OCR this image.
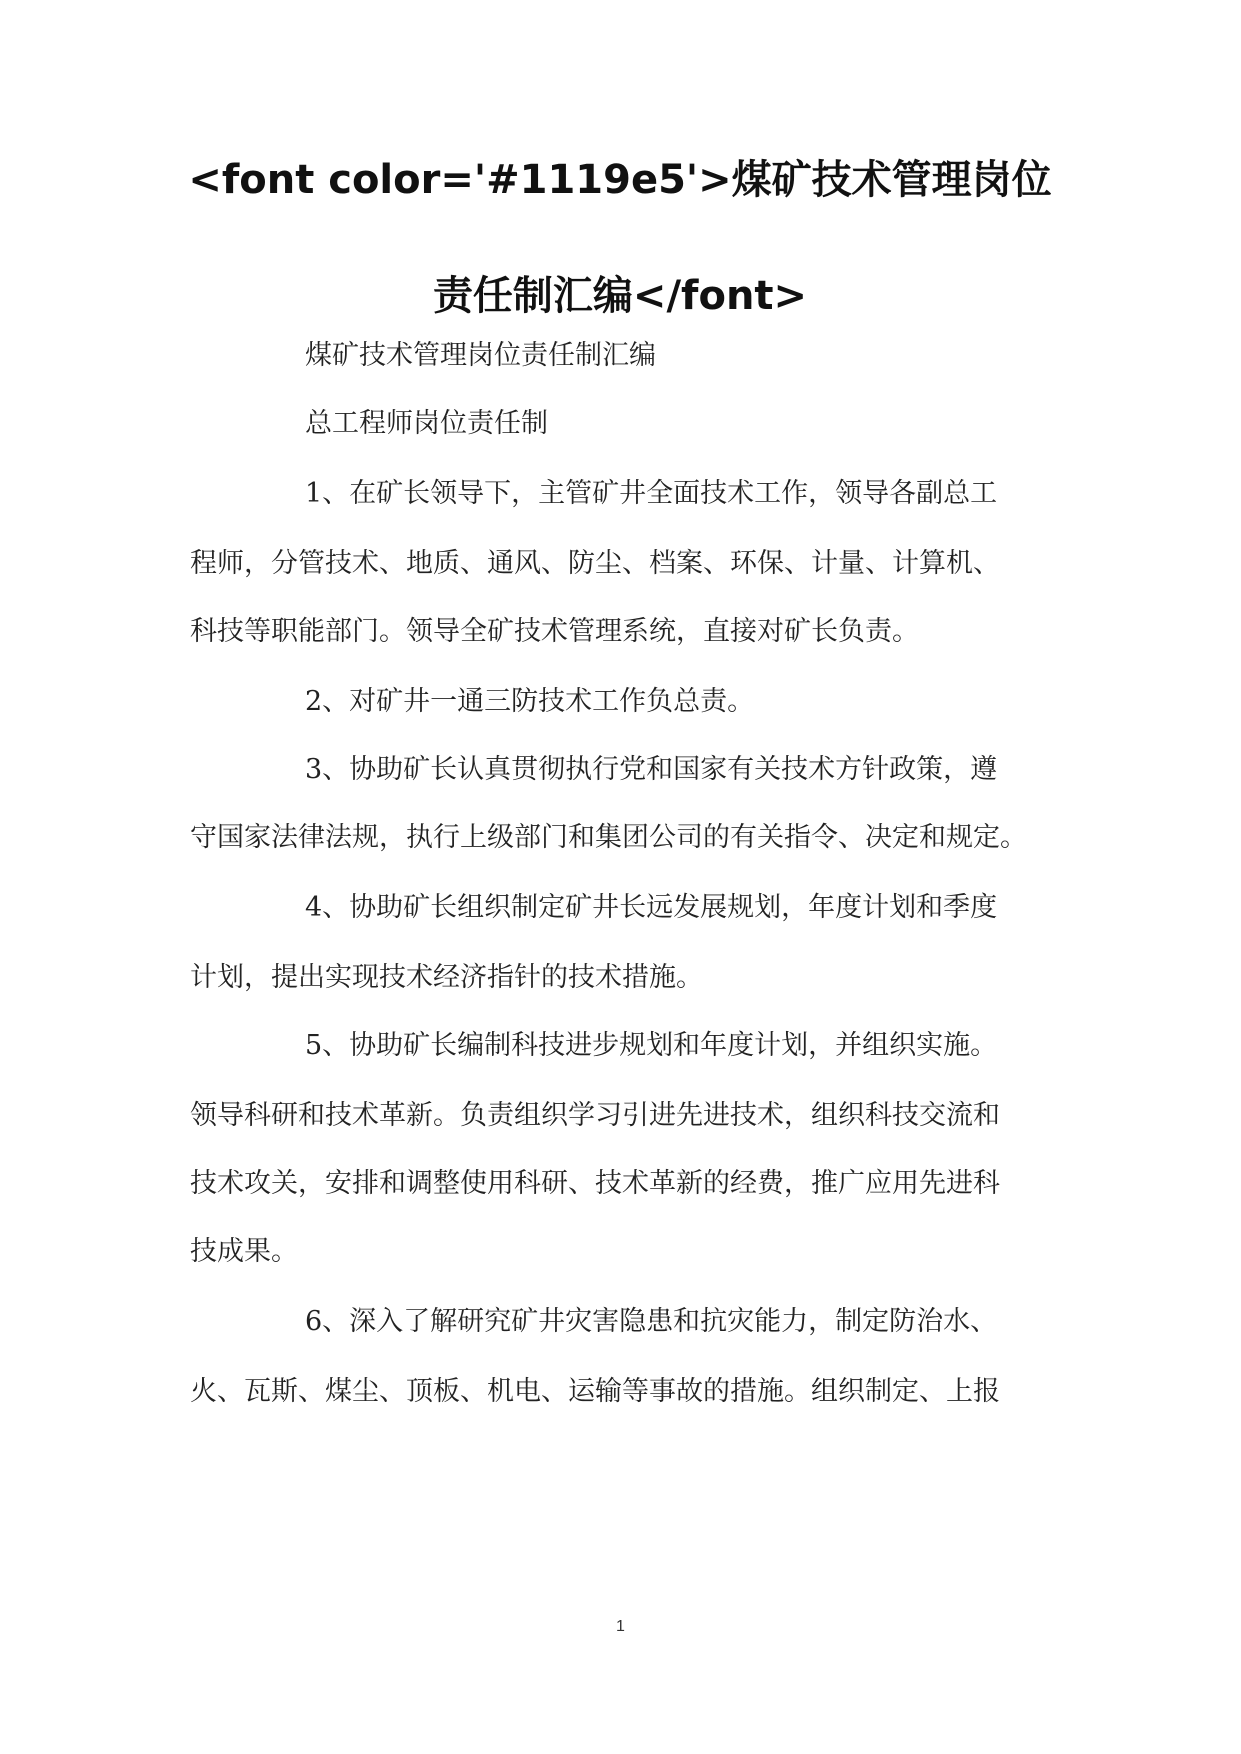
<font color='#1119e5'>煤矿技术管理岗位
责任制汇编</font>
煤矿技术管理岗位责任制汇编
总工程师岗位责任制
1、在矿长领导下，主管矿井全面技术工作，领导各副总工
程师，分管技术、地质、通风、防尘、档案、环保、计量、计算机、
科技等职能部门。领导全矿技术管理系统，直接对矿长负责。
2、对矿井一通三防技术工作负总责。
3、协助矿长认真贯彻执行党和国家有关技术方针政策，遵
守国家法律法规，执行上级部门和集团公司的有关指令、决定和规定。
4、协助矿长组织制定矿井长远发展规划，年度计划和季度
计划，提出实现技术经济指针的技术措施。
5、协助矿长编制科技进步规划和年度计划，并组织实施。
领导科研和技术革新。负责组织学习引进先进技术，组织科技交流和
技术攻关，安排和调整使用科研、技术革新的经费，推广应用先进科
技成果。
6、深入了解研究矿井灾害隐患和抗灾能力，制定防治水、
火、瓦斯、煤尘、顶板、机电、运输等事故的措施。组织制定、上报
1
